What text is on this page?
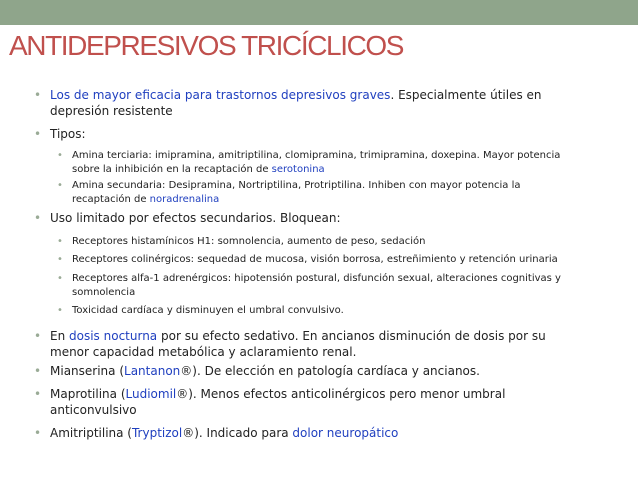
ANTIDEPRESIVOS TRICÍCLICOS
• Los de mayor eficacia para trastornos depresivos graves. Especialmente útiles en
depresión resistente
• Tipos:
• Amina terciaria: imipramina, amitriptilina, clomipramina, trimipramina, doxepina. Mayor potencia
sobre la inhibición en la recaptación de serotonina
• Amina secundaria: Desipramina, Nortriptilina, Protriptilina. Inhiben con mayor potencia la
recaptación de noradrenalina
• Uso limitado por efectos secundarios. Bloquean:
• Receptores histamínicos H1: somnolencia, aumento de peso, sedación
• Receptores colinérgicos: sequedad de mucosa, visión borrosa, estreñimiento y retención urinaria
• Receptores alfa-1 adrenérgicos: hipotensión postural, disfunción sexual, alteraciones cognitivas y
somnolencia
• Toxicidad cardíaca y disminuyen el umbral convulsivo.
• En dosis nocturna por su efecto sedativo. En ancianos disminución de dosis por su
menor capacidad metabólica y aclaramiento renal.
• Mianserina (Lantanon®). De elección en patología cardíaca y ancianos.
• Maprotilina (Ludiomil®). Menos efectos anticolinérgicos pero menor umbral
anticonvulsivo
• Amitriptilina (Tryptizol®). Indicado para dolor neuropático
